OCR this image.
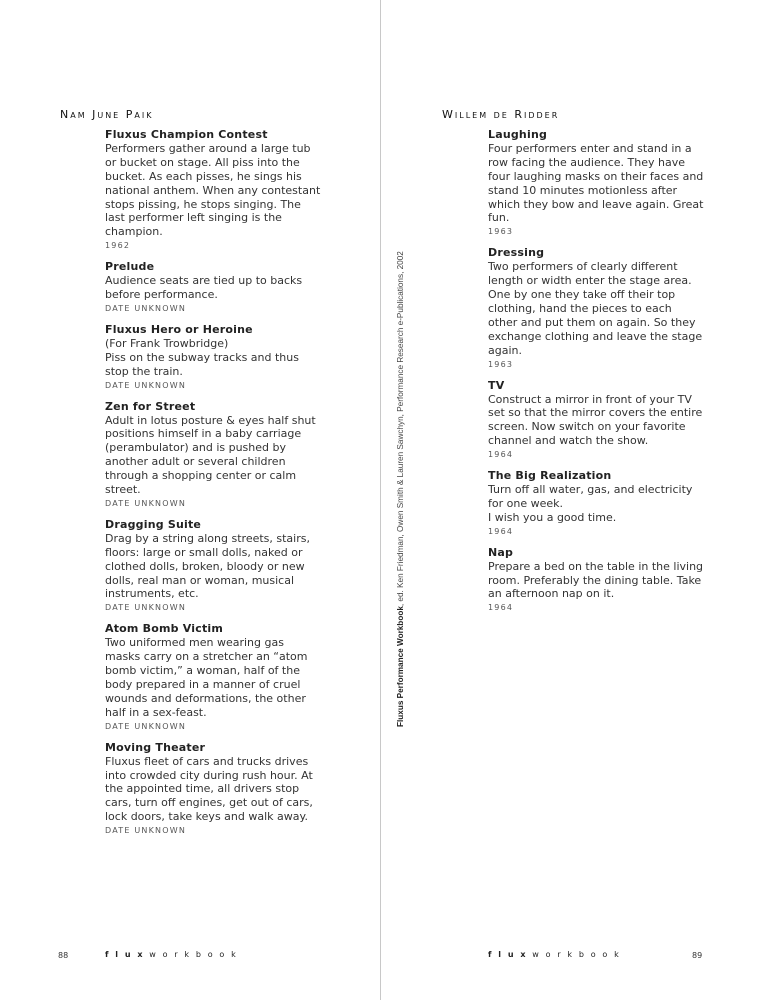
Nam June Paik
Fluxus Champion Contest
Performers gather around a large tub or bucket on stage. All piss into the bucket. As each pisses, he sings his national anthem. When any contestant stops pissing, he stops singing. The last performer left singing is the champion.
1962
Prelude
Audience seats are tied up to backs before performance.
DATE UNKNOWN
Fluxus Hero or Heroine
(For Frank Trowbridge)
Piss on the subway tracks and thus stop the train.
DATE UNKNOWN
Zen for Street
Adult in lotus posture & eyes half shut positions himself in a baby carriage (perambulator) and is pushed by another adult or several children through a shopping center or calm street.
DATE UNKNOWN
Dragging Suite
Drag by a string along streets, stairs, floors: large or small dolls, naked or clothed dolls, broken, bloody or new dolls, real man or woman, musical instruments, etc.
DATE UNKNOWN
Atom Bomb Victim
Two uniformed men wearing gas masks carry on a stretcher an “atom bomb victim,” a woman, half of the body prepared in a manner of cruel wounds and deformations, the other half in a sex-feast.
DATE UNKNOWN
Moving Theater
Fluxus fleet of cars and trucks drives into crowded city during rush hour. At the appointed time, all drivers stop cars, turn off engines, get out of cars, lock doors, take keys and walk away.
DATE UNKNOWN
Willem de Ridder
Laughing
Four performers enter and stand in a row facing the audience. They have four laughing masks on their faces and stand 10 minutes motionless after which they bow and leave again. Great fun.
1963
Dressing
Two performers of clearly different length or width enter the stage area. One by one they take off their top clothing, hand the pieces to each other and put them on again. So they exchange clothing and leave the stage again.
1963
TV
Construct a mirror in front of your TV set so that the mirror covers the entire screen. Now switch on your favorite channel and watch the show.
1964
The Big Realization
Turn off all water, gas, and electricity for one week.
I wish you a good time.
1964
Nap
Prepare a bed on the table in the living room. Preferably the dining table. Take an afternoon nap on it.
1964
Fluxus Performance Workbook, ed. Ken Friedman, Owen Smith & Lauren Sawchyn, Performance Research e-Publications, 2002
88	fluxworkbook	fluxworkbook	89
